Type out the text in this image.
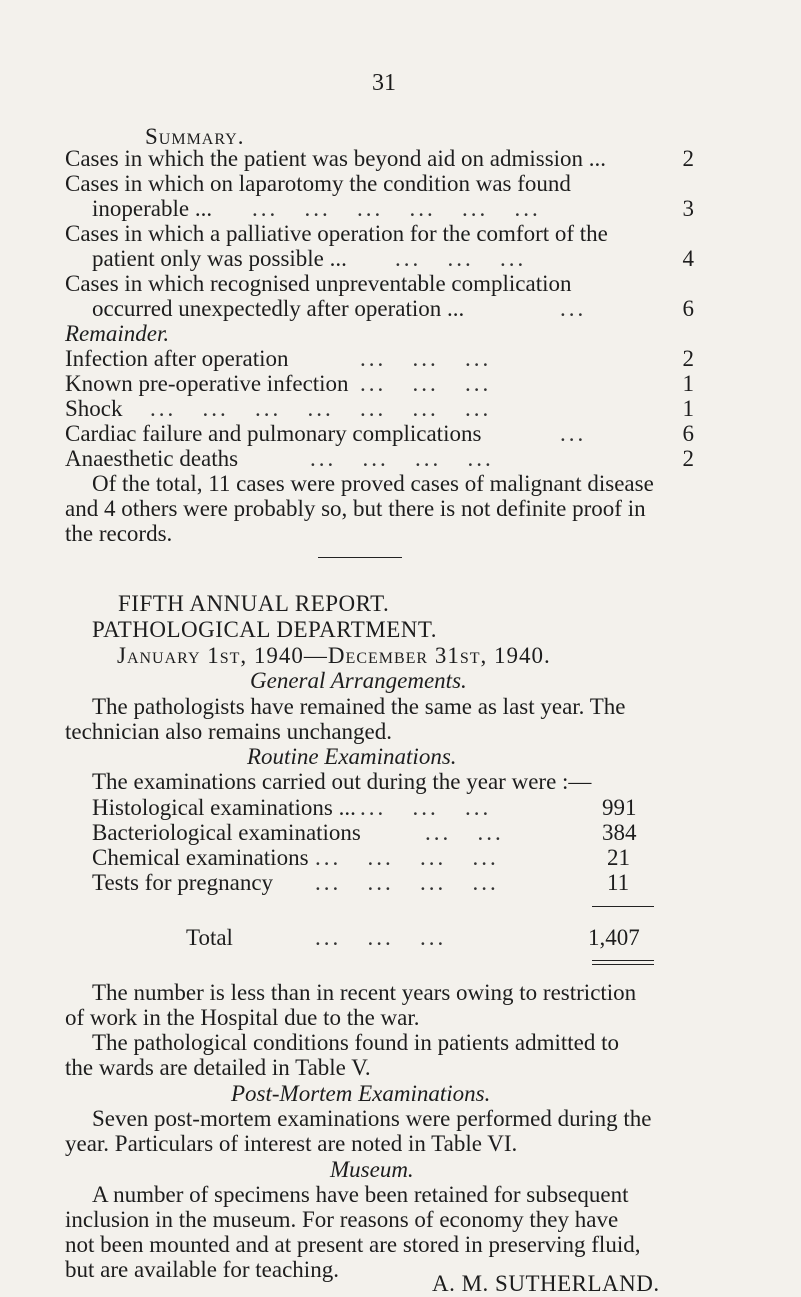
31
Summary.
Cases in which the patient was beyond aid on admission ...	2
Cases in which on laparotomy the condition was found
inoperable ... ...   ...   ...   ...   ...   ...	3
Cases in which a palliative operation for the comfort of the
patient only was possible ... ...   ...   ...	4
Cases in which recognised unpreventable complication
occurred unexpectedly after operation ...	...	6
Remainder.
Infection after operation	...   ...   ...	2
Known pre-operative infection ...   ...   ...	1
Shock ...   ...   ...   ...   ...   ...   ...	1
Cardiac failure and pulmonary complications	...	6
Anaesthetic deaths	...   ...   ...   ...	2
Of the total, 11 cases were proved cases of malignant disease
and 4 others were probably so, but there is not definite proof in
the records.
FIFTH ANNUAL REPORT.
PATHOLOGICAL DEPARTMENT.
January 1st, 1940—December 31st, 1940.
General Arrangements.
The pathologists have remained the same as last year. The
technician also remains unchanged.
Routine Examinations.
The examinations carried out during the year were :—
Histological examinations ... ...   ...   ...	991
Bacteriological examinations	...   ...	384
Chemical examinations ...   ...   ...   ...	21
Tests for pregnancy ...   ...   ...   ...	11
Total	...   ...   ...	1,407
The number is less than in recent years owing to restriction
of work in the Hospital due to the war.
The pathological conditions found in patients admitted to
the wards are detailed in Table V.
Post-Mortem Examinations.
Seven post-mortem examinations were performed during the
year. Particulars of interest are noted in Table VI.
Museum.
A number of specimens have been retained for subsequent
inclusion in the museum. For reasons of economy they have
not been mounted and at present are stored in preserving fluid,
but are available for teaching.
A. M. SUTHERLAND.
